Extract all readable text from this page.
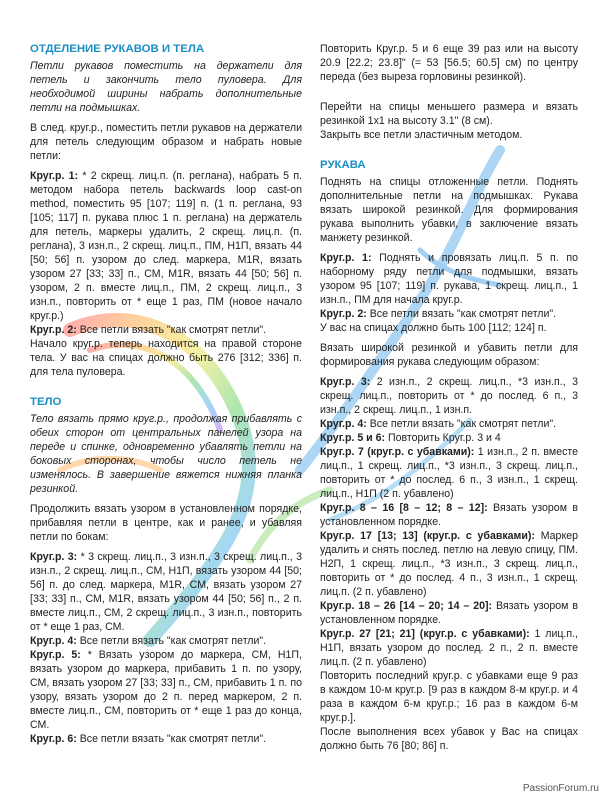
ОТДЕЛЕНИЕ РУКАВОВ И ТЕЛА

Петли рукавов поместить на держатели для петель и закончить тело пуловера. Для необходимой ширины набрать дополнительные петли на подмышках.

В след. круг.р., поместить петли рукавов на держатели для петель следующим образом и набрать новые петли:

Круг.р. 1: * 2 скрещ. лиц.п. (п. реглана), набрать 5 п. методом набора петель backwards loop cast-on method, поместить 95 [107; 119] п. (1 п. реглана, 93 [105; 117] п. рукава плюс 1 п. реглана) на держатель для петель, маркеры удалить, 2 скрещ. лиц.п. (п. реглана), 3 изн.п., 2 скрещ. лиц.п., ПМ, Н1П, вязать 44 [50; 56] п. узором до след. маркера, М1R, вязать узором 27 [33; 33] п., СМ, М1R, вязать 44 [50; 56] п. узором, 2 п. вместе лиц.п., ПМ, 2 скрещ. лиц.п., 3 изн.п., повторить от * еще 1 раз, ПМ (новое начало круг.р.)

Круг.р. 2: Все петли вязать "как смотрят петли".

Начало круг.р. теперь находится на правой стороне тела. У вас на спицах должно быть 276 [312; 336] п. для тела пуловера.

ТЕЛО

Тело вязать прямо круг.р., продолжая прибавлять с обеих сторон от центральных панелей узора на переде и спинке, одновременно убавлять петли на боковых сторонах, чтобы число петель не изменялось. В завершение вяжется нижняя планка резинкой.

Продолжить вязать узором в установленном порядке, прибавляя петли в центре, как и ранее, и убавляя петли по бокам:

Круг.р. 3: * 3 скрещ. лиц.п., 3 изн.п., 3 скрещ. лиц.п., 3 изн.п., 2 скрещ. лиц.п., СМ, Н1П, вязать узором 44 [50; 56] п. до след. маркера, М1R, СМ, вязать узором 27 [33; 33] п., СМ, М1R, вязать узором 44 [50; 56] п., 2 п. вместе лиц.п., СМ, 2 скрещ. лиц.п., 3 изн.п., повторить от * еще 1 раз, СМ.

Круг.р. 4: Все петли вязать "как смотрят петли".

Круг.р. 5: * Вязать узором до маркера, СМ, Н1П, вязать узором до маркера, прибавить 1 п. по узору, СМ, вязать узором 27 [33; 33] п., СМ, прибавить 1 п. по узору, вязать узором до 2 п. перед маркером, 2 п. вместе лиц.п., СМ, повторить от * еще 1 раз до конца, СМ.

Круг.р. 6: Все петли вязать "как смотрят петли".

Повторить Круг.р. 5 и 6 еще 39 раз или на высоту 20.9 [22.2; 23.8]" (= 53 [56.5; 60.5] см) по центру переда (без выреза горловины резинкой).

Перейти на спицы меньшего размера и вязать резинкой 1х1 на высоту 3.1" (8 см).

Закрыть все петли эластичным методом.

РУКАВА

Поднять на спицы отложенные петли. Поднять дополнительные петли на подмышках. Рукава вязать широкой резинкой. Для формирования рукава выполнить убавки, в заключение вязать манжету резинкой.

Круг.р. 1: Поднять и провязать лиц.п. 5 п. по наборному ряду петли для подмышки, вязать узором 95 [107; 119] п. рукава, 1 скрещ. лиц.п., 1 изн.п., ПМ для начала круг.р.

Круг.р. 2: Все петли вязать "как смотрят петли".

У вас на спицах должно быть 100 [112; 124] п.

Вязать широкой резинкой и убавить петли для формирования рукава следующим образом:

Круг.р. 3: 2 изн.п., 2 скрещ. лиц.п., *3 изн.п., 3 скрещ. лиц.п., повторить от * до послед. 6 п., 3 изн.п., 2 скрещ. лиц.п., 1 изн.п.

Круг.р. 4: Все петли вязать "как смотрят петли".

Круг.р. 5 и 6: Повторить Круг.р. 3 и 4

Круг.р. 7 (круг.р. с убавками): 1 изн.п., 2 п. вместе лиц.п., 1 скрещ. лиц.п., *3 изн.п., 3 скрещ. лиц.п., повторить от * до послед. 6 п., 3 изн.п., 1 скрещ. лиц.п., Н1П (2 п. убавлено)

Круг.р. 8 – 16 [8 – 12; 8 – 12]: Вязать узором в установленном порядке.

Круг.р. 17 [13; 13] (круг.р. с убавками): Маркер удалить и снять послед. петлю на левую спицу, ПМ. Н2П, 1 скрещ. лиц.п., *3 изн.п., 3 скрещ. лиц.п., повторить от * до послед. 4 п., 3 изн.п., 1 скрещ. лиц.п. (2 п. убавлено)

Круг.р. 18 – 26 [14 – 20; 14 – 20]: Вязать узором в установленном порядке.

Круг.р. 27 [21; 21] (круг.р. с убавками): 1 лиц.п., Н1П, вязать узором до послед. 2 п., 2 п. вместе лиц.п. (2 п. убавлено)

Повторить последний круг.р. с убавками еще 9 раз в каждом 10-м круг.р. [9 раз в каждом 8-м круг.р. и 4 раза в каждом 6-м круг.р.; 16 раз в каждом 6-м круг.р.].

После выполнения всех убавок у Вас на спицах должно быть 76 [80; 86] п.

PassionForum.ru
